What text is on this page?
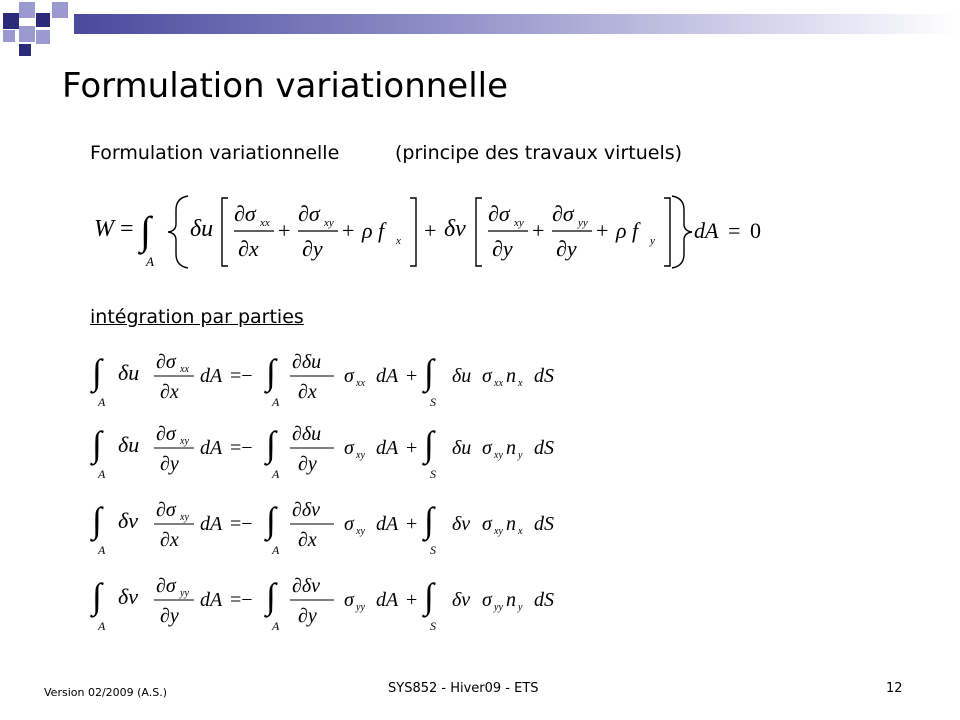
Formulation variationnelle
Formulation variationnelle	(principe des travaux virtuels)
W = ∫
A
δu
∂σ xx
∂x
+
∂σ xy
∂y
+ ρ f x + δv
∂σ xy
∂y
+
∂σ yy
∂y
+ ρ f y dA = 0
intégration par parties
∫
A
δu ∂σ xx
∂x
dA =− ∫
A
∂δu
∂x
σ xx dA + ∫
S
δu σ xx n x dS
∫
A
δu ∂σ xy
∂y
dA =− ∫
A
∂δu
∂y
σ xy dA + ∫
S
δu σ xy n y dS
∫
A
δv ∂σ xy
∂x
dA =− ∫
A
∂δv
∂x
σ xy dA + ∫
S
δv σ xy n x dS
∫
A
δv ∂σ yy
∂y
dA =− ∫
A
∂δv
∂y
σ yy dA + ∫
S
δv σ yy n y dS
Version 02/2009 (A.S.)	SYS852 - Hiver09 - ETS	12
